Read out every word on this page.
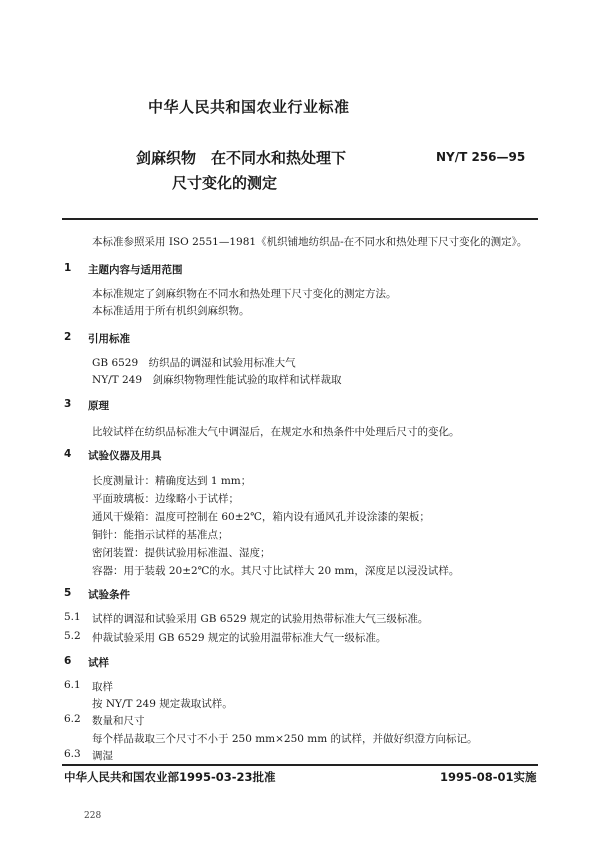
中华人民共和国农业行业标准
剑麻织物　在不同水和热处理下
尺寸变化的测定
NY/T 256—95
本标准参照采用 ISO 2551—1981《机织铺地纺织品-在不同水和热处理下尺寸变化的测定》。
1 主题内容与适用范围
本标准规定了剑麻织物在不同水和热处理下尺寸变化的测定方法。
本标准适用于所有机织剑麻织物。
2 引用标准
GB 6529　纺织品的调湿和试验用标准大气
NY/T 249　剑麻织物物理性能试验的取样和试样裁取
3 原理
比较试样在纺织品标准大气中调湿后，在规定水和热条件中处理后尺寸的变化。
4 试验仪器及用具
长度测量计：精确度达到 1 mm；
平面玻璃板：边缘略小于试样；
通风干燥箱：温度可控制在 60±2℃，箱内设有通风孔并设涂漆的架板；
铜针：能指示试样的基准点；
密闭装置：提供试验用标准温、湿度；
容器：用于装载 20±2℃的水。其尺寸比试样大 20 mm，深度足以浸没试样。
5 试验条件
5.1 试样的调湿和试验采用 GB 6529 规定的试验用热带标准大气三级标准。
5.2 仲裁试验采用 GB 6529 规定的试验用温带标准大气一级标准。
6 试样
6.1 取样
按 NY/T 249 规定裁取试样。
6.2 数量和尺寸
每个样品裁取三个尺寸不小于 250 mm×250 mm 的试样，并做好织澄方向标记。
6.3 调湿
中华人民共和国农业部1995-03-23批准	1995-08-01实施
228
